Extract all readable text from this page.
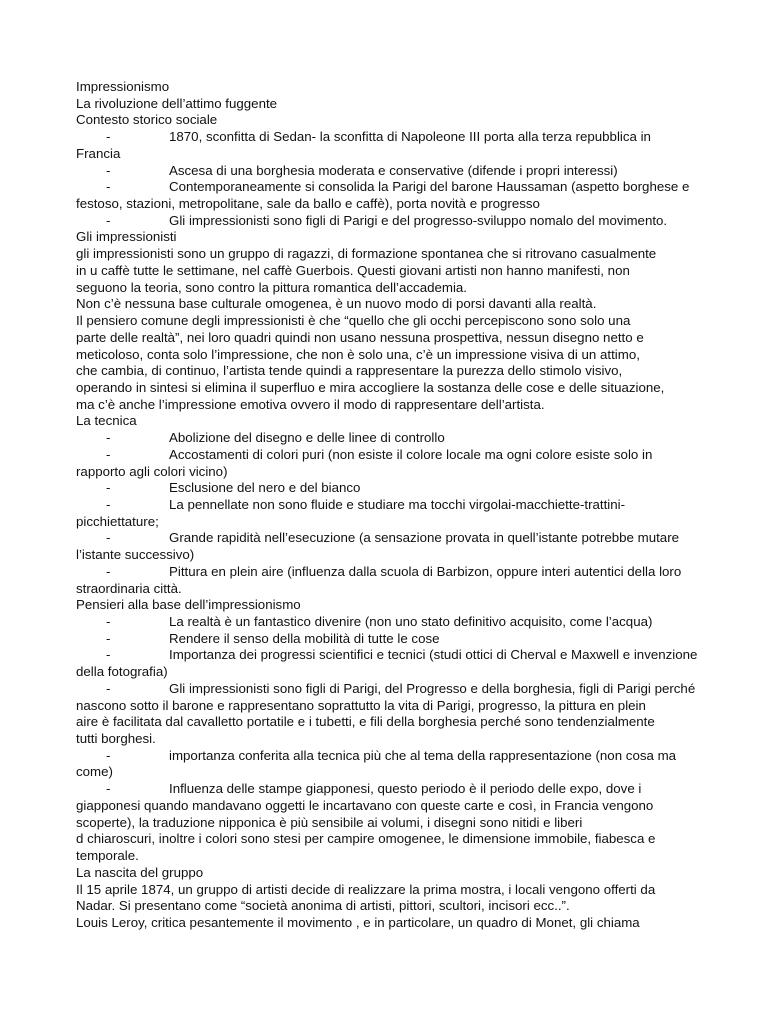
Impressionismo
La rivoluzione dell’attimo fuggente
Contesto storico sociale
-	1870, sconfitta di Sedan- la sconfitta di Napoleone III porta alla terza repubblica in
Francia
-	Ascesa di una borghesia moderata e conservative (difende i propri interessi)
-	Contemporaneamente si consolida la Parigi del barone Haussaman (aspetto borghese e
festoso, stazioni, metropolitane, sale da ballo e caffè), porta novità e progresso
-	Gli impressionisti sono figli di Parigi e del progresso-sviluppo nomalo del movimento.
Gli impressionisti
gli impressionisti sono un gruppo di ragazzi, di formazione spontanea che si ritrovano casualmente
in u caffè tutte le settimane, nel caffè Guerbois. Questi giovani artisti non hanno manifesti, non
seguono la teoria, sono contro la pittura romantica dell’accademia.
Non c’è nessuna base culturale omogenea, è un nuovo modo di porsi davanti alla realtà.
Il pensiero comune degli impressionisti è che “quello che gli occhi percepiscono sono solo una
parte delle realtà”, nei loro quadri quindi non usano nessuna prospettiva, nessun disegno netto e
meticoloso, conta solo l’impressione, che non è solo una, c’è un impressione visiva di un attimo,
che cambia, di continuo, l’artista tende quindi a rappresentare la purezza dello stimolo visivo,
operando in sintesi si elimina il superfluo e mira accogliere la sostanza delle cose e delle situazione,
ma c’è anche l’impressione emotiva ovvero il modo di rappresentare dell’artista.
La tecnica
-	Abolizione del disegno e delle linee di controllo
-	Accostamenti di colori puri (non esiste il colore locale ma ogni colore esiste solo in
rapporto agli colori vicino)
-	Esclusione del nero e del bianco
-	La pennellate non sono fluide e studiare ma tocchi virgolai-macchiette-trattini-
picchiettature;
-	Grande rapidità nell’esecuzione (a sensazione provata in quell’istante potrebbe mutare
l’istante successivo)
-	Pittura en plein aire (influenza dalla scuola di Barbizon, oppure interi autentici della loro
straordinaria città.
Pensieri alla base dell’impressionismo
-	La realtà è un fantastico divenire (non uno stato definitivo acquisito, come l’acqua)
-	Rendere il senso della mobilità di tutte le cose
-	Importanza dei progressi scientifici e tecnici (studi ottici di Cherval e Maxwell e invenzione
della fotografia)
-	Gli impressionisti sono figli di Parigi, del Progresso e della borghesia, figli di Parigi perché
nascono sotto il barone e rappresentano soprattutto la vita di Parigi, progresso, la pittura en plein
aire è facilitata dal cavalletto portatile e i tubetti, e fili della borghesia perché sono tendenzialmente
tutti borghesi.
-	importanza conferita alla tecnica più che al tema della rappresentazione (non cosa ma
come)
-	Influenza delle stampe giapponesi, questo periodo è il periodo delle expo, dove i
giapponesi quando mandavano oggetti le incartavano con queste carte e così, in Francia vengono
scoperte), la traduzione nipponica è più sensibile ai volumi, i disegni sono nitidi e liberi
d chiaroscuri, inoltre i colori sono stesi per campire omogenee, le dimensione immobile, fiabesca e
temporale.
La nascita del gruppo
Il 15 aprile 1874, un gruppo di artisti decide di realizzare la prima mostra, i locali vengono offerti da
Nadar. Si presentano come “società anonima di artisti, pittori, scultori, incisori ecc..”.
Louis Leroy, critica pesantemente il movimento , e in particolare, un quadro di Monet, gli chiama
